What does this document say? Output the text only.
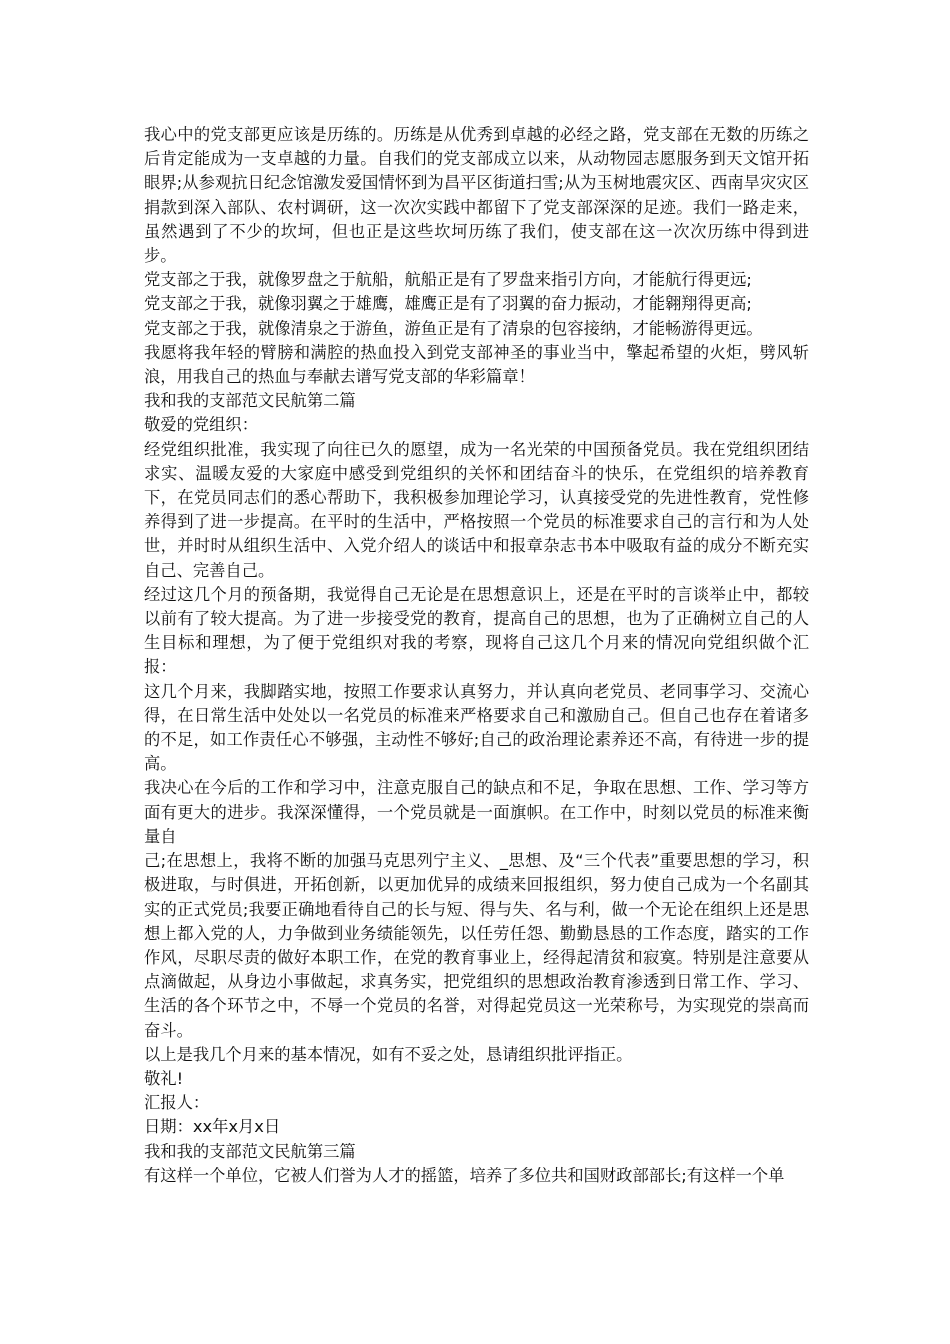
我心中的党支部更应该是历练的。历练是从优秀到卓越的必经之路，党支部在无数的历练之后肯定能成为一支卓越的力量。自我们的党支部成立以来，从动物园志愿服务到天文馆开拓眼界;从参观抗日纪念馆激发爱国情怀到为昌平区街道扫雪;从为玉树地震灾区、西南旱灾灾区捐款到深入部队、农村调研，这一次次实践中都留下了党支部深深的足迹。我们一路走来，虽然遇到了不少的坎坷，但也正是这些坎坷历练了我们，使支部在这一次次历练中得到进步。

党支部之于我，就像罗盘之于航船，航船正是有了罗盘来指引方向，才能航行得更远;

党支部之于我，就像羽翼之于雄鹰，雄鹰正是有了羽翼的奋力振动，才能翱翔得更高;

党支部之于我，就像清泉之于游鱼，游鱼正是有了清泉的包容接纳，才能畅游得更远。

我愿将我年轻的臂膀和满腔的热血投入到党支部神圣的事业当中，擎起希望的火炬，劈风斩浪，用我自己的热血与奉献去谱写党支部的华彩篇章！

我和我的支部范文民航第二篇

敬爱的党组织：

经党组织批准，我实现了向往已久的愿望，成为一名光荣的中国预备党员。我在党组织团结求实、温暖友爱的大家庭中感受到党组织的关怀和团结奋斗的快乐，在党组织的培养教育下，在党员同志们的悉心帮助下，我积极参加理论学习，认真接受党的先进性教育，党性修养得到了进一步提高。在平时的生活中，严格按照一个党员的标准要求自己的言行和为人处世，并时时从组织生活中、入党介绍人的谈话中和报章杂志书本中吸取有益的成分不断充实自己、完善自己。

经过这几个月的预备期，我觉得自己无论是在思想意识上，还是在平时的言谈举止中，都较以前有了较大提高。为了进一步接受党的教育，提高自己的思想，也为了正确树立自己的人生目标和理想，为了便于党组织对我的考察，现将自己这几个月来的情况向党组织做个汇报：

这几个月来，我脚踏实地，按照工作要求认真努力，并认真向老党员、老同事学习、交流心得，在日常生活中处处以一名党员的标准来严格要求自己和激励自己。但自己也存在着诸多的不足，如工作责任心不够强，主动性不够好;自己的政治理论素养还不高，有待进一步的提高。

我决心在今后的工作和学习中，注意克服自己的缺点和不足，争取在思想、工作、学习等方面有更大的进步。我深深懂得，一个党员就是一面旗帜。在工作中，时刻以党员的标准来衡量自

己;在思想上，我将不断的加强马克思列宁主义、_思想、及“三个代表”重要思想的学习，积极进取，与时俱进，开拓创新，以更加优异的成绩来回报组织，努力使自己成为一个名副其实的正式党员;我要正确地看待自己的长与短、得与失、名与利，做一个无论在组织上还是思想上都入党的人，力争做到业务绩能领先，以任劳任怨、勤勤恳恳的工作态度，踏实的工作作风，尽职尽责的做好本职工作，在党的教育事业上，经得起清贫和寂寞。特别是注意要从点滴做起，从身边小事做起，求真务实，把党组织的思想政治教育渗透到日常工作、学习、生活的各个环节之中，不辱一个党员的名誉，对得起党员这一光荣称号，为实现党的崇高而奋斗。

以上是我几个月来的基本情况，如有不妥之处，恳请组织批评指正。

敬礼!

汇报人：

日期：xx年x月x日

我和我的支部范文民航第三篇

有这样一个单位，它被人们誉为人才的摇篮，培养了多位共和国财政部部长;有这样一个单
